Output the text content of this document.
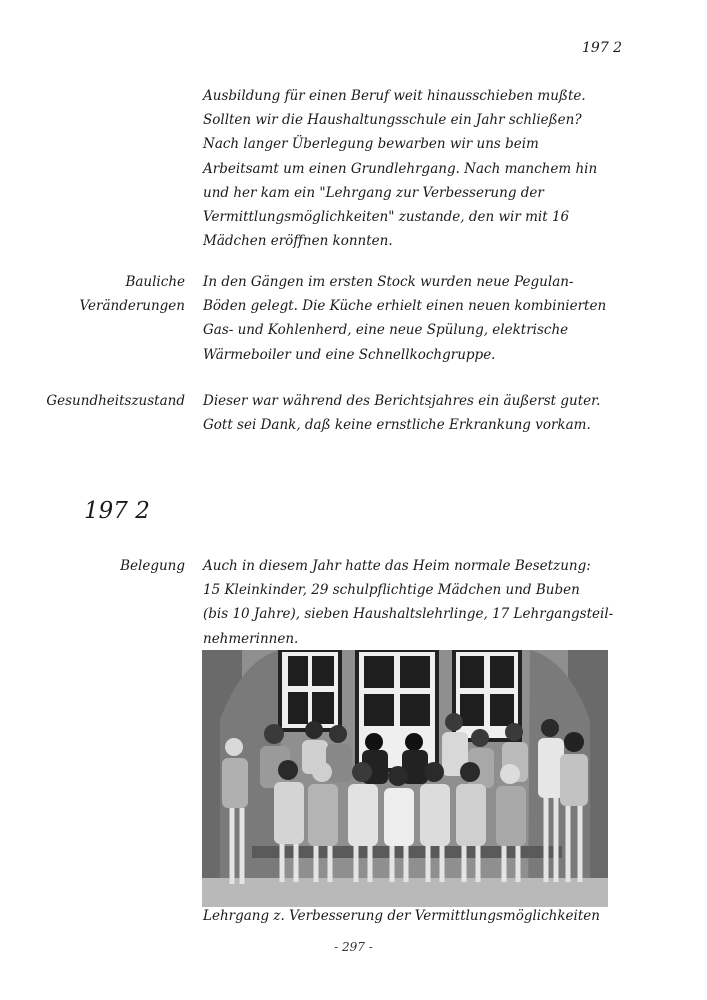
197 2
Ausbildung für einen Beruf weit hinausschieben mußte.
Sollten wir die Haushaltungsschule ein Jahr schließen?
Nach langer Überlegung bewarben wir uns beim
Arbeitsamt um einen Grundlehrgang. Nach manchem hin
und her kam ein "Lehrgang zur Verbesserung der
Vermittlungsmöglichkeiten" zustande, den wir mit 16
Mädchen eröffnen konnten.
Bauliche
Veränderungen
In den Gängen im ersten Stock wurden neue Pegulan-
Böden gelegt. Die Küche erhielt einen neuen kombinierten
Gas- und Kohlenherd, eine neue Spülung, elektrische
Wärmeboiler und eine Schnellkochgruppe.
Gesundheitszustand Dieser war während des Berichtsjahres ein äußerst guter.
Gott sei Dank, daß keine ernstliche Erkrankung vorkam.
197 2
Belegung Auch in diesem Jahr hatte das Heim normale Besetzung:
15 Kleinkinder, 29 schulpflichtige Mädchen und Buben
(bis 10 Jahre), sieben Haushaltslehrlinge, 17 Lehrgangsteil-
nehmerinnen.
Lehrgang z. Verbesserung der Vermittlungsmöglichkeiten
- 297 -
